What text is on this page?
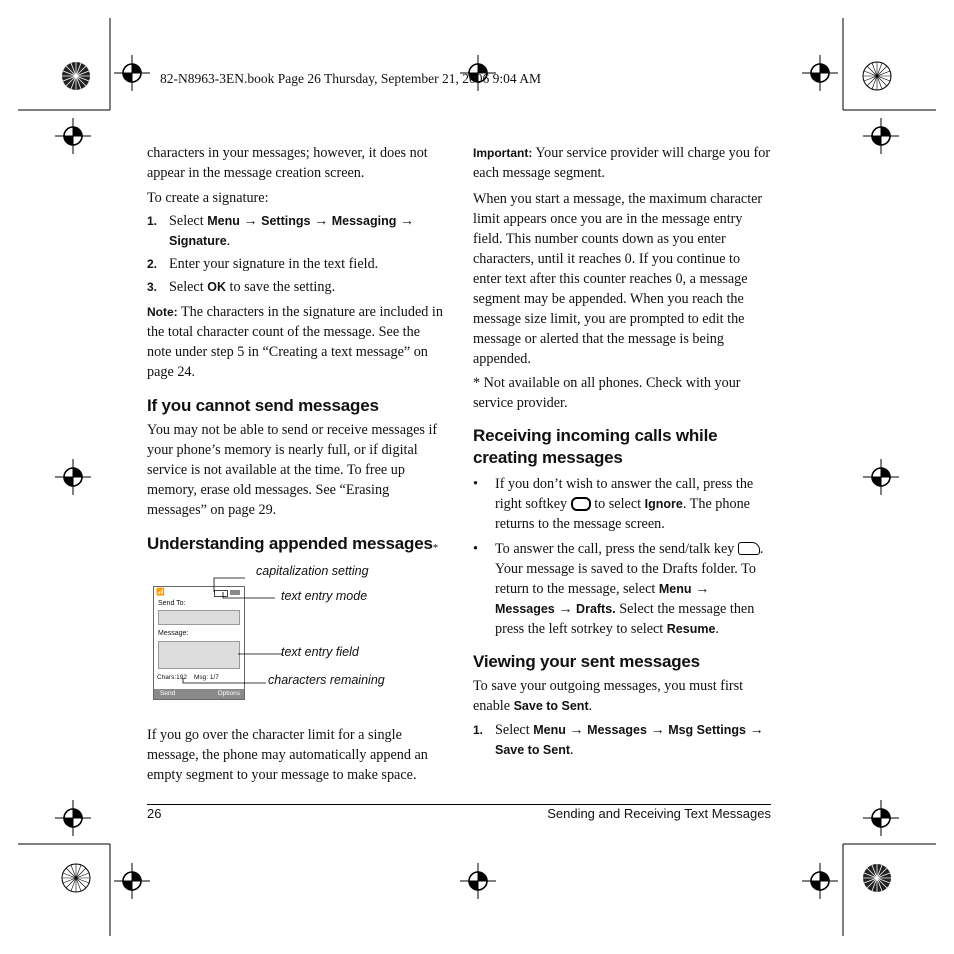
82-N8963-3EN.book Page 26 Thursday, September 21, 2006 9:04 AM

characters in your messages; however, it does not appear in the message creation screen.

To create a signature:

1. Select Menu → Settings → Messaging → Signature.
2. Enter your signature in the text field.
3. Select OK to save the setting.

Note: The characters in the signature are included in the total character count of the message. See the note under step 5 in “Creating a text message” on page 24.

If you cannot send messages

You may not be able to send or receive messages if your phone’s memory is nearly full, or if digital service is not available at the time. To free up memory, erase old messages. See “Erasing messages” on page 29.

Understanding appended messages*
📶
Send To:
Message:
Chars:192 Msg: 1/7
Send	Options
capitalization setting
text entry mode
text entry field
characters remaining

If you go over the character limit for a single message, the phone may automatically append an empty segment to your message to make space.

Important: Your service provider will charge you for each message segment.

When you start a message, the maximum character limit appears once you are in the message entry field. This number counts down as you enter characters, until it reaches 0. If you continue to enter text after this counter reaches 0, a message segment may be appended. When you reach the message size limit, you are prompted to edit the message or alerted that the message is being appended.

* Not available on all phones. Check with your service provider.

Receiving incoming calls while creating messages
•	If you don’t wish to answer the call, press the right softkey  to select Ignore. The phone returns to the message screen.
•	To answer the call, press the send/talk key . Your message is saved to the Drafts folder. To return to the message, select Menu → Messages → Drafts. Select the message then press the left sotrkey to select Resume.
Viewing your sent messages

To save your outgoing messages, you must first enable Save to Sent.

1. Select Menu → Messages → Msg Settings → Save to Sent.
26	Sending and Receiving Text Messages
